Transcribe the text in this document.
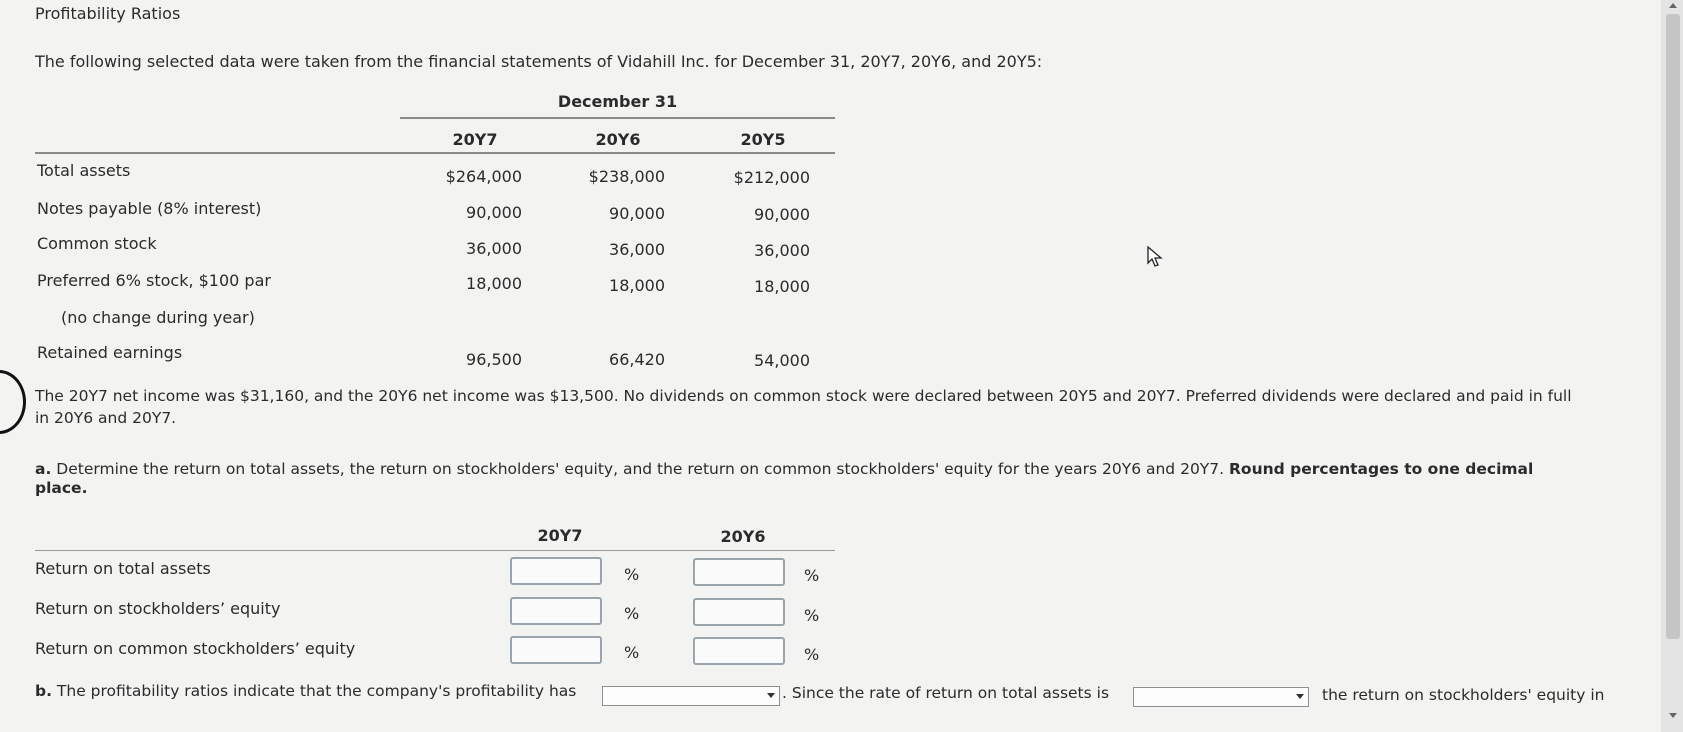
Profitability Ratios
The following selected data were taken from the financial statements of Vidahill Inc. for December 31, 20Y7, 20Y6, and 20Y5:
December 31
20Y7	20Y6	20Y5
Total assets	$264,000	$238,000	$212,000
Notes payable (8% interest)	90,000	90,000	90,000
Common stock	36,000	36,000	36,000
Preferred 6% stock, $100 par	18,000	18,000	18,000
(no change during year)
Retained earnings	96,500	66,420	54,000
The 20Y7 net income was $31,160, and the 20Y6 net income was $13,500. No dividends on common stock were declared between 20Y5 and 20Y7. Preferred dividends were declared and paid in full
in 20Y6 and 20Y7.
a. Determine the return on total assets, the return on stockholders' equity, and the return on common stockholders' equity for the years 20Y6 and 20Y7. Round percentages to one decimal
place.
20Y7	20Y6
Return on total assets	%	%
Return on stockholders’ equity	%	%
Return on common stockholders’ equity	%	%
b. The profitability ratios indicate that the company's profitability has	. Since the rate of return on total assets is	the return on stockholders' equity in
